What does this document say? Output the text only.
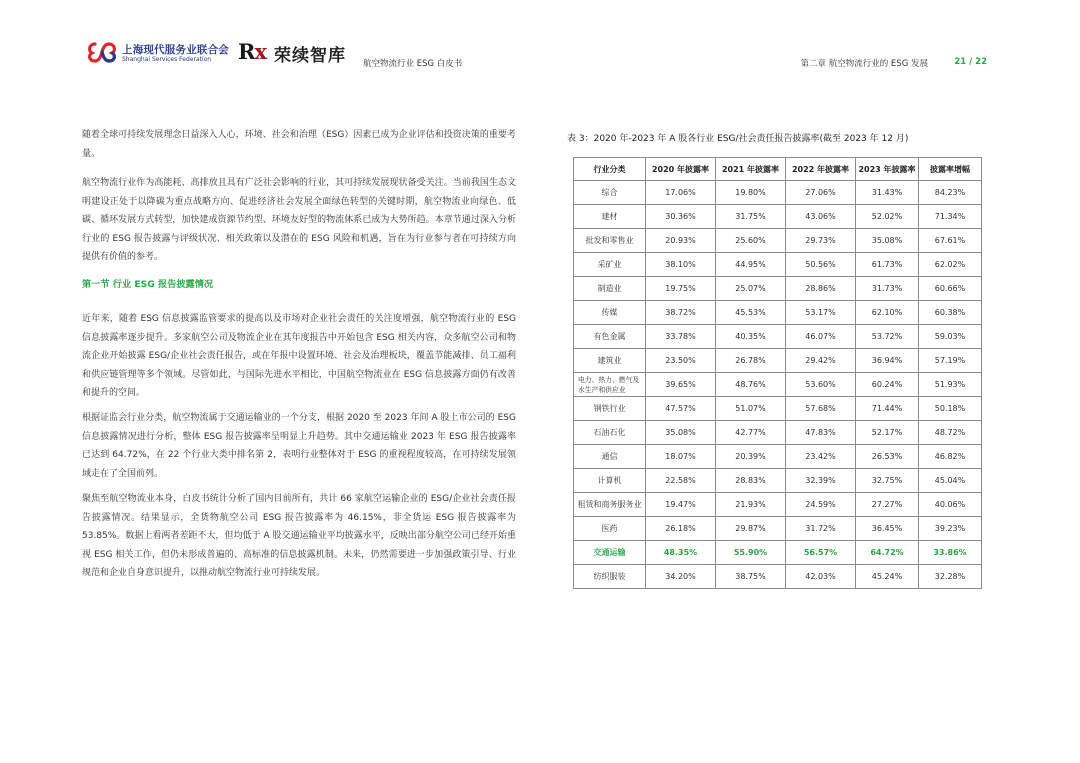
上海现代服务业联合会
Shanghai Services Federation Rx 荣续智库 航空物流行业 ESG 白皮书	第二章 航空物流行业的 ESG 发展	21 / 22

随着全球可持续发展理念日益深入人心，环境、社会和治理（ESG）因素已成为企业评估和投资决策的重要考量。

航空物流行业作为高能耗、高排放且具有广泛社会影响的行业，其可持续发展现状备受关注。当前我国生态文明建设正处于以降碳为重点战略方向、促进经济社会发展全面绿色转型的关键时期，航空物流业向绿色、低碳、循环发展方式转型，加快建成资源节约型、环境友好型的物流体系已成为大势所趋。本章节通过深入分析行业的 ESG 报告披露与评级状况、相关政策以及潜在的 ESG 风险和机遇，旨在为行业参与者在可持续方向提供有价值的参考。

第一节 行业 ESG 报告披露情况

近年来，随着 ESG 信息披露监管要求的提高以及市场对企业社会责任的关注度增强，航空物流行业的 ESG 信息披露率逐步提升。多家航空公司及物流企业在其年度报告中开始包含 ESG 相关内容，众多航空公司和物流企业开始披露 ESG/企业社会责任报告，或在年报中设置环境、社会及治理板块，覆盖节能减排、员工福利和供应链管理等多个领域。尽管如此，与国际先进水平相比，中国航空物流业在 ESG 信息披露方面仍有改善和提升的空间。

根据证监会行业分类，航空物流属于交通运输业的一个分支，根据 2020 至 2023 年间 A 股上市公司的 ESG 信息披露情况进行分析，整体 ESG 报告披露率呈明显上升趋势。其中交通运输业 2023 年 ESG 报告披露率已达到 64.72%，在 22 个行业大类中排名第 2，表明行业整体对于 ESG 的重视程度较高，在可持续发展领域走在了全国前列。

聚焦至航空物流业本身，白皮书统计分析了国内目前所有，共计 66 家航空运输企业的 ESG/企业社会责任报告披露情况。结果显示，全货物航空公司 ESG 报告披露率为 46.15%，非全货运 ESG 报告披露率为 53.85%。数据上看两者差距不大，但均低于 A 股交通运输业平均披露水平，反映出部分航空公司已经开始重视 ESG 相关工作，但仍未形成普遍的、高标准的信息披露机制。未来，仍然需要进一步加强政策引导、行业规范和企业自身意识提升，以推动航空物流行业可持续发展。

表 3：2020 年-2023 年 A 股各行业 ESG/社会责任报告披露率(截至 2023 年 12 月)
行业分类	2020 年披露率	2021 年披露率	2022 年披露率	2023 年披露率	披露率增幅
综合	17.06%	19.80%	27.06%	31.43%	84.23%
建材	30.36%	31.75%	43.06%	52.02%	71.34%
批发和零售业	20.93%	25.60%	29.73%	35.08%	67.61%
采矿业	38.10%	44.95%	50.56%	61.73%	62.02%
制造业	19.75%	25.07%	28.86%	31.73%	60.66%
传媒	38.72%	45.53%	53.17%	62.10%	60.38%
有色金属	33.78%	40.35%	46.07%	53.72%	59.03%
建筑业	23.50%	26.78%	29.42%	36.94%	57.19%
电力、热力、燃气及水生产和供应业	39.65%	48.76%	53.60%	60.24%	51.93%
钢铁行业	47.57%	51.07%	57.68%	71.44%	50.18%
石油石化	35.08%	42.77%	47.83%	52.17%	48.72%
通信	18.07%	20.39%	23.42%	26.53%	46.82%
计算机	22.58%	28.83%	32.39%	32.75%	45.04%
租赁和商务服务业	19.47%	21.93%	24.59%	27.27%	40.06%
医药	26.18%	29.87%	31.72%	36.45%	39.23%
交通运输	48.35%	55.90%	56.57%	64.72%	33.86%
纺织服装	34.20%	38.75%	42.03%	45.24%	32.28%
